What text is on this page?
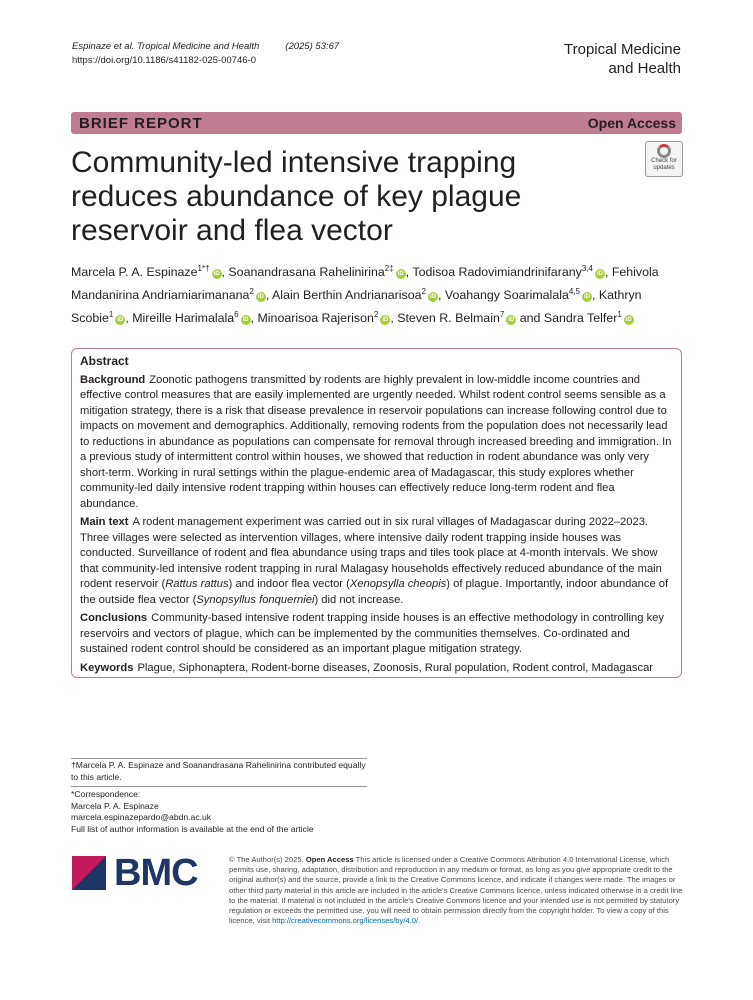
Espinaze et al. Tropical Medicine and Health	(2025) 53:67
https://doi.org/10.1186/s41182-025-00746-0
Tropical Medicine
and Health
BRIEF REPORT	Open Access
Community-led intensive trapping reduces abundance of key plague reservoir and flea vector
Check for
updates
Marcela P. A. Espinaze$^{1*\dagger}$iD , Soanandrasana Rahelinirina$^{2\ddagger}$iD , Todisoa Radovimiandrinifarany$^{3,4}$iD , Fehivola Mandanirina Andriamiarimanana$^2$iD , Alain Berthin Andrianarisoa$^2$iD , Voahangy Soarimalala$^{4,5}$iD , Kathryn Scobie$^1$iD , Mireille Harimalala$^6$iD , Minoarisoa Rajerison$^2$iD , Steven R. Belmain$^7$iD and Sandra Telfer$^1$iD
Abstract

Background Zoonotic pathogens transmitted by rodents are highly prevalent in low-middle income countries and effective control measures that are easily implemented are urgently needed. Whilst rodent control seems sensible as a mitigation strategy, there is a risk that disease prevalence in reservoir populations can increase following control due to impacts on movement and demographics. Additionally, removing rodents from the population does not necessarily lead to reductions in abundance as populations can compensate for removal through increased breeding and immigration. In a previous study of intermittent control within houses, we showed that reduction in rodent abundance was only very short-term. Working in rural settings within the plague-endemic area of Madagascar, this study explores whether community-led daily intensive rodent trapping within houses can effectively reduce long-term rodent and flea abundance.

Main text A rodent management experiment was carried out in six rural villages of Madagascar during 2022–2023. Three villages were selected as intervention villages, where intensive daily rodent trapping inside houses was conducted. Surveillance of rodent and flea abundance using traps and tiles took place at 4-month intervals. We show that community-led intensive rodent trapping in rural Malagasy households effectively reduced abundance of the main rodent reservoir (Rattus rattus) and indoor flea vector (Xenopsylla cheopis) of plague. Importantly, indoor abundance of the outside flea vector (Synopsyllus fonquerniei) did not increase.

Conclusions Community-based intensive rodent trapping inside houses is an effective methodology in controlling key reservoirs and vectors of plague, which can be implemented by the communities themselves. Co-ordinated and sustained rodent control should be considered as an important plague mitigation strategy.

Keywords Plague, Siphonaptera, Rodent-borne diseases, Zoonosis, Rural population, Rodent control, Madagascar

†Marcela P. A. Espinaze and Soanandrasana Rahelinirina contributed equally to this article.
*Correspondence:
Marcela P. A. Espinaze
marcela.espinazepardo@abdn.ac.uk
Full list of author information is available at the end of the article
BMC	© The Author(s) 2025. Open Access This article is licensed under a Creative Commons Attribution 4.0 International License, which permits use, sharing, adaptation, distribution and reproduction in any medium or format, as long as you give appropriate credit to the original author(s) and the source, provide a link to the Creative Commons licence, and indicate if changes were made. The images or other third party material in this article are included in the article's Creative Commons licence, unless indicated otherwise in a credit line to the material. If material is not included in the article's Creative Commons licence and your intended use is not permitted by statutory regulation or exceeds the permitted use, you will need to obtain permission directly from the copyright holder. To view a copy of this licence, visit http://creativecommons.org/licenses/by/4.0/.
